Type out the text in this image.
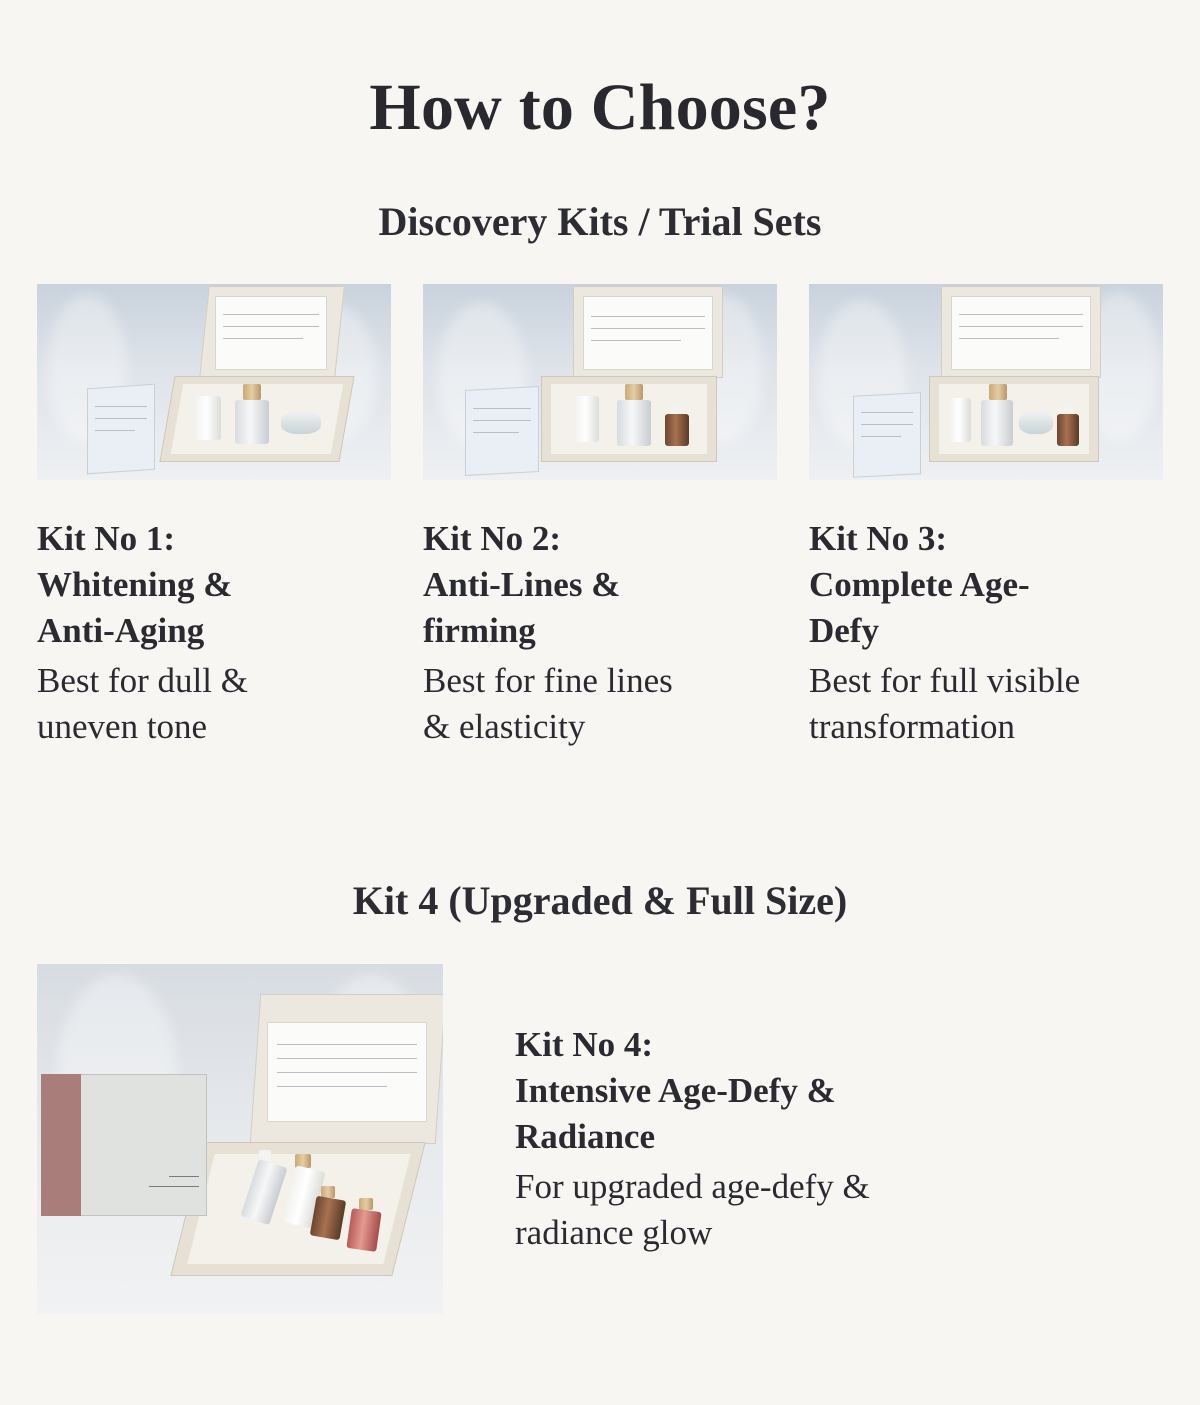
How to Choose?
Discovery Kits / Trial Sets
Kit No 1:
Whitening &
Anti-Aging
Best for dull &
uneven tone
Kit No 2:
Anti-Lines &
firming
Best for fine lines
& elasticity
Kit No 3:
Complete Age-
Defy
Best for full visible
transformation
Kit 4 (Upgraded & Full Size)
Kit No 4:
Intensive Age-Defy &
Radiance
For upgraded age-defy &
radiance glow
